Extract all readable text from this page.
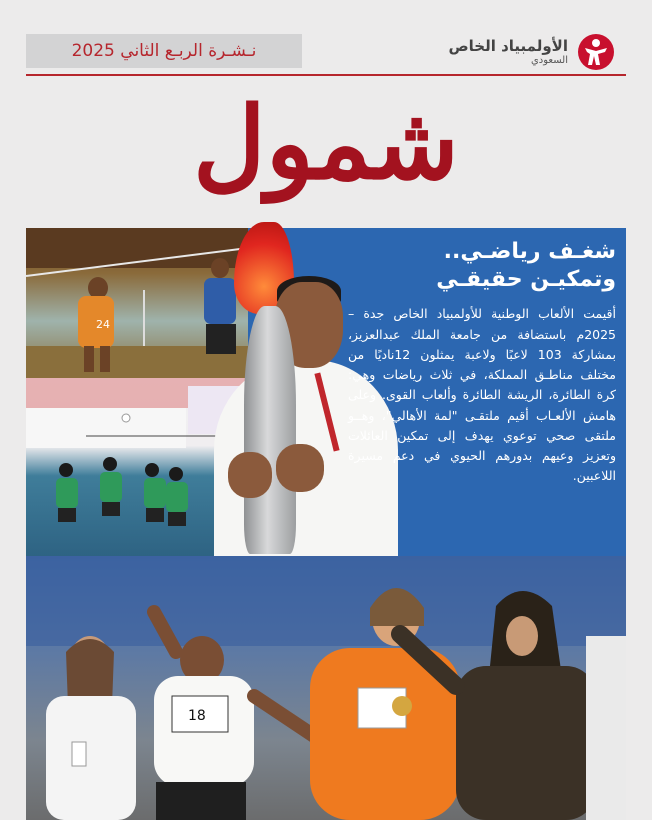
نـشـرة الربـع الثاني 2025	الأولمبياد الخاص
السعودي
شمول
24
شغـف رياضـي..
وتمكيـن حقيقـي
أقيمت الألعاب الوطنية للأولمبياد الخاص جدة – 2025م باستضافة من جامعة الملك عبدالعزيز، بمشاركة 103 لاعبًا ولاعبة يمثلون 12ناديًا من مختلف مناطـق المملكة، في ثلاث رياضات وهي: كرة الطائرة، الريشة الطائرة وألعاب القوى. وعلى هامش الألعـاب أقيم ملتقـى "لمة الأهالي"، وهــو ملتقى صحي توعوي يهدف إلى تمكين العائلات وتعزيز وعيهم بدورهم الحيوي في دعم مسيرة اللاعبين.
18
